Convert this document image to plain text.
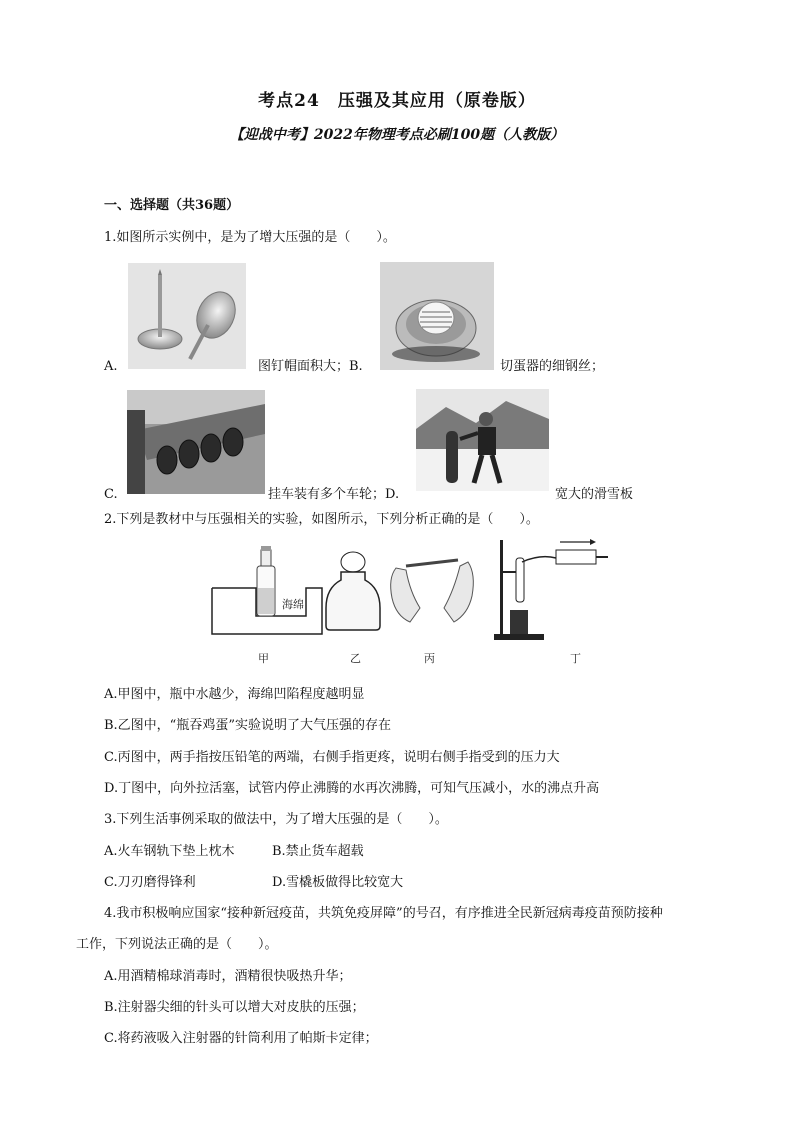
考点24　压强及其应用（原卷版）
【迎战中考】2022年物理考点必刷100题（人教版）
一、选择题（共36题）
1.如图所示实例中，是为了增大压强的是（　　）。
A.	图钉帽面积大；B.	切蛋器的细钢丝；
C.	挂车装有多个车轮；D.	宽大的滑雪板
2.下列是教材中与压强相关的实验，如图所示，下列分析正确的是（　　）。
海绵
甲	乙	丙	丁
A.甲图中，瓶中水越少，海绵凹陷程度越明显
B.乙图中，“瓶吞鸡蛋”实验说明了大气压强的存在
C.丙图中，两手指按压铅笔的两端，右侧手指更疼，说明右侧手指受到的压力大
D.丁图中，向外拉活塞，试管内停止沸腾的水再次沸腾，可知气压减小，水的沸点升高
3.下列生活事例采取的做法中，为了增大压强的是（　　）。
A.火车钢轨下垫上枕木	B.禁止货车超载
C.刀刃磨得锋利	D.雪橇板做得比较宽大
4.我市积极响应国家“接种新冠疫苗，共筑免疫屏障”的号召，有序推进全民新冠病毒疫苗预防接种
工作，下列说法正确的是（　　）。
A.用酒精棉球消毒时，酒精很快吸热升华；
B.注射器尖细的针头可以增大对皮肤的压强；
C.将药液吸入注射器的针筒利用了帕斯卡定律；
